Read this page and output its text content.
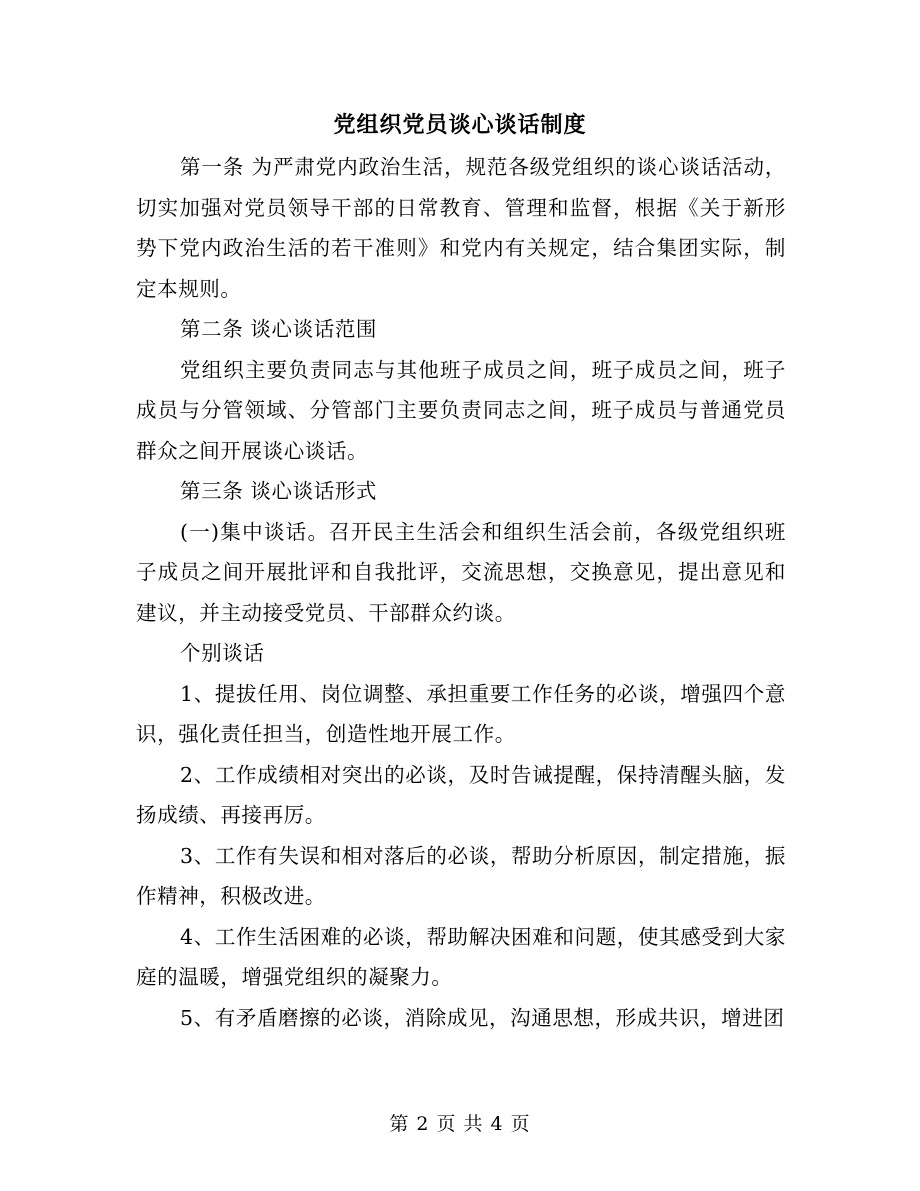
党组织党员谈心谈话制度

第一条 为严肃党内政治生活，规范各级党组织的谈心谈话活动，切实加强对党员领导干部的日常教育、管理和监督，根据《关于新形势下党内政治生活的若干准则》和党内有关规定，结合集团实际，制定本规则。

第二条 谈心谈话范围

党组织主要负责同志与其他班子成员之间，班子成员之间，班子成员与分管领域、分管部门主要负责同志之间，班子成员与普通党员群众之间开展谈心谈话。

第三条 谈心谈话形式

(一)集中谈话。召开民主生活会和组织生活会前，各级党组织班子成员之间开展批评和自我批评，交流思想，交换意见，提出意见和建议，并主动接受党员、干部群众约谈。

个别谈话

1、提拔任用、岗位调整、承担重要工作任务的必谈，增强四个意识，强化责任担当，创造性地开展工作。

2、工作成绩相对突出的必谈，及时告诫提醒，保持清醒头脑，发扬成绩、再接再厉。

3、工作有失误和相对落后的必谈，帮助分析原因，制定措施，振作精神，积极改进。

4、工作生活困难的必谈，帮助解决困难和问题，使其感受到大家庭的温暖，增强党组织的凝聚力。

5、有矛盾磨擦的必谈，消除成见，沟通思想，形成共识，增进团

第 2 页 共 4 页
